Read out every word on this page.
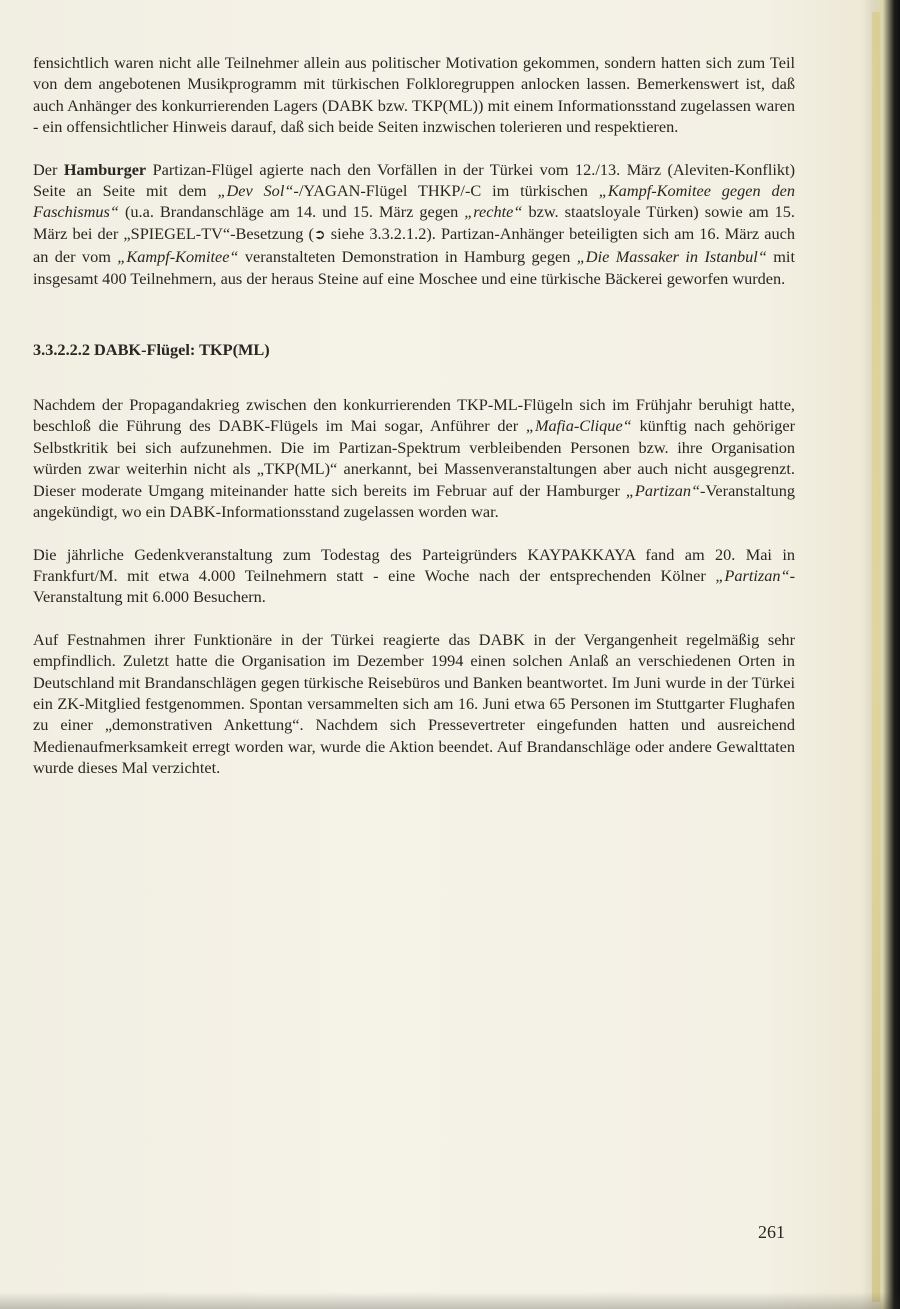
fensichtlich waren nicht alle Teilnehmer allein aus politischer Motivation gekommen, sondern hatten sich zum Teil von dem angebotenen Musikprogramm mit türkischen Folkloregruppen anlocken lassen. Bemerkenswert ist, daß auch Anhänger des konkurrierenden Lagers (DABK bzw. TKP(ML)) mit einem Informationsstand zugelassen waren - ein offensichtlicher Hinweis darauf, daß sich beide Seiten inzwischen tolerieren und respektieren.

Der Hamburger Partizan-Flügel agierte nach den Vorfällen in der Türkei vom 12./13. März (Aleviten-Konflikt) Seite an Seite mit dem „Dev Sol“-/YAGAN-Flügel THKP/-C im türkischen „Kampf-Komitee gegen den Faschismus“ (u.a. Brandanschläge am 14. und 15. März gegen „rechte“ bzw. staatsloyale Türken) sowie am 15. März bei der „SPIEGEL-TV“-Besetzung (➲ siehe 3.3.2.1.2). Partizan-Anhänger beteiligten sich am 16. März auch an der vom „Kampf-Komitee“ veranstalteten Demonstration in Hamburg gegen „Die Massaker in Istanbul“ mit insgesamt 400 Teilnehmern, aus der heraus Steine auf eine Moschee und eine türkische Bäckerei geworfen wurden.

3.3.2.2.2 DABK-Flügel: TKP(ML)

Nachdem der Propagandakrieg zwischen den konkurrierenden TKP-ML-Flügeln sich im Frühjahr beruhigt hatte, beschloß die Führung des DABK-Flügels im Mai sogar, Anführer der „Mafia-Clique“ künftig nach gehöriger Selbstkritik bei sich aufzunehmen. Die im Partizan-Spektrum verbleibenden Personen bzw. ihre Organisation würden zwar weiterhin nicht als „TKP(ML)“ anerkannt, bei Massenveranstaltungen aber auch nicht ausgegrenzt. Dieser moderate Umgang miteinander hatte sich bereits im Februar auf der Hamburger „Partizan“-Veranstaltung angekündigt, wo ein DABK-Informationsstand zugelassen worden war.

Die jährliche Gedenkveranstaltung zum Todestag des Parteigründers KAYPAKKAYA fand am 20. Mai in Frankfurt/M. mit etwa 4.000 Teilnehmern statt - eine Woche nach der entsprechenden Kölner „Partizan“-Veranstaltung mit 6.000 Besuchern.

Auf Festnahmen ihrer Funktionäre in der Türkei reagierte das DABK in der Vergangenheit regelmäßig sehr empfindlich. Zuletzt hatte die Organisation im Dezember 1994 einen solchen Anlaß an verschiedenen Orten in Deutschland mit Brandanschlägen gegen türkische Reisebüros und Banken beantwortet. Im Juni wurde in der Türkei ein ZK-Mitglied festgenommen. Spontan versammelten sich am 16. Juni etwa 65 Personen im Stuttgarter Flughafen zu einer „demonstrativen Ankettung“. Nachdem sich Pressevertreter eingefunden hatten und ausreichend Medienaufmerksamkeit erregt worden war, wurde die Aktion beendet. Auf Brandanschläge oder andere Gewalttaten wurde dieses Mal verzichtet.

261
